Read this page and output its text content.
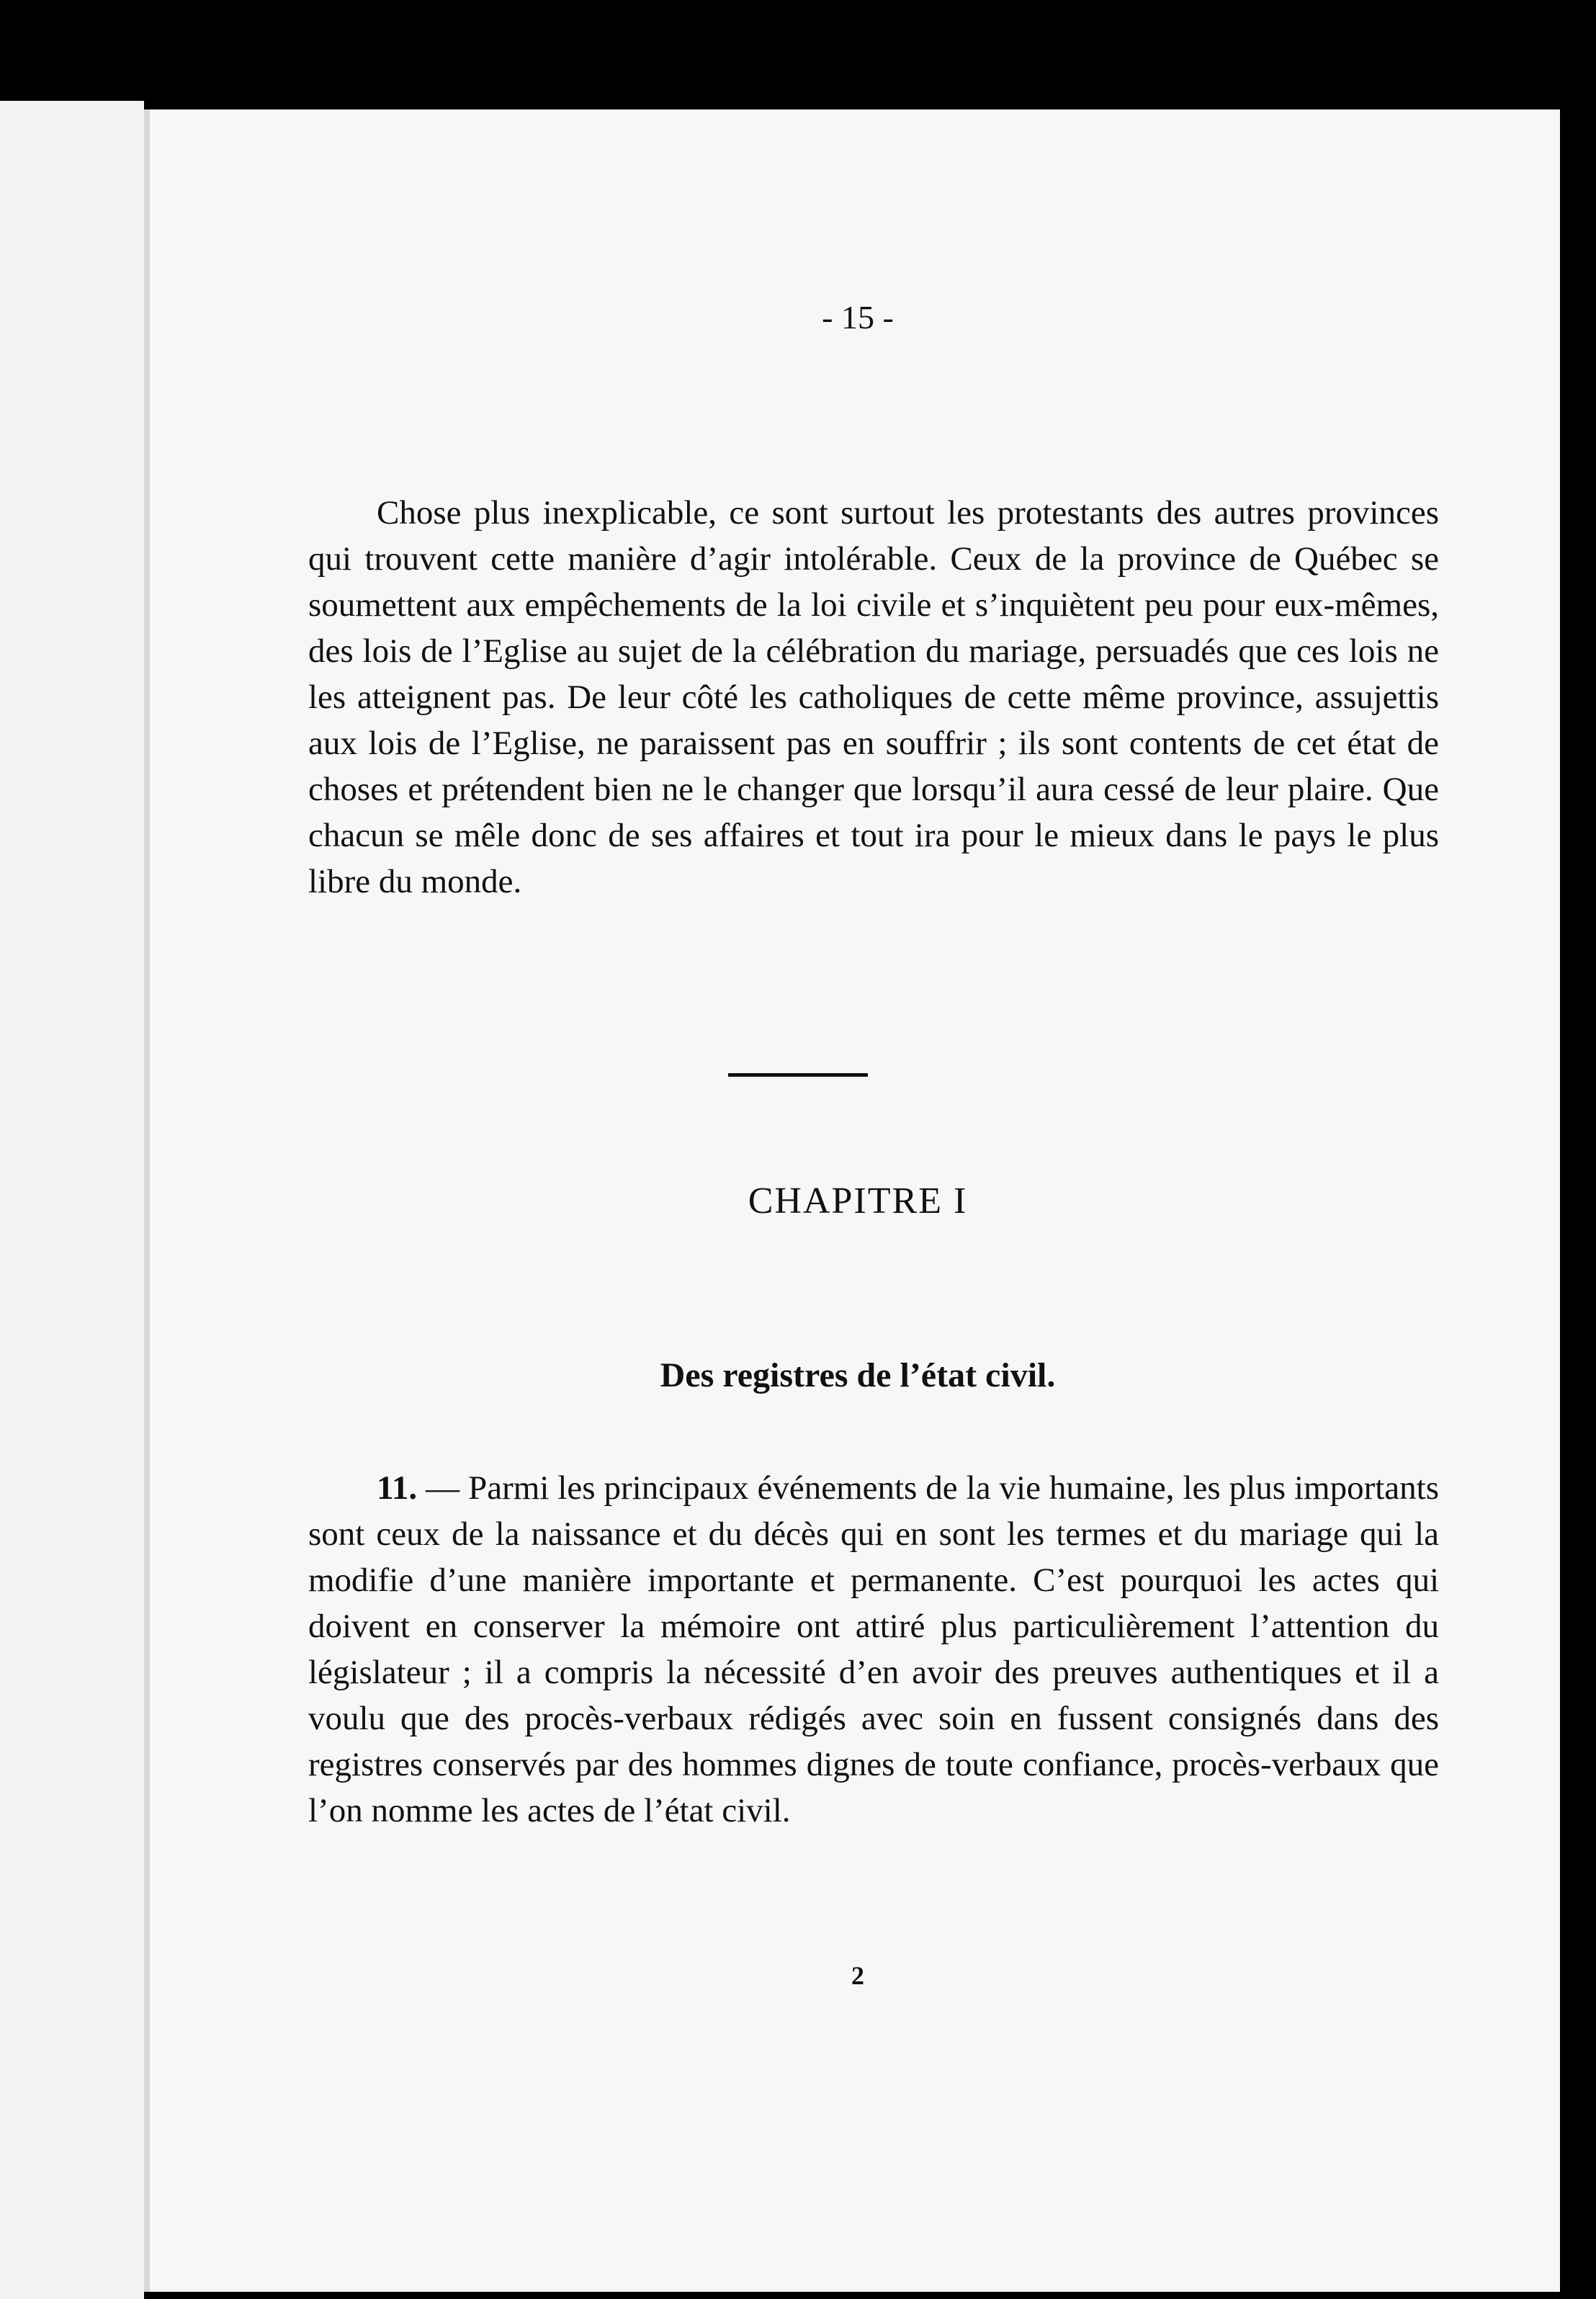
- 15 -

Chose plus inexplicable, ce sont surtout les protestants des autres provinces qui trouvent cette manière d’agir intolérable. Ceux de la province de Québec se soumettent aux empêchements de la loi civile et s’inquiètent peu pour eux-mêmes, des lois de l’Eglise au sujet de la célébration du mariage, persuadés que ces lois ne les atteignent pas. De leur côté les catholiques de cette même province, assujettis aux lois de l’Eglise, ne paraissent pas en souffrir ; ils sont contents de cet état de choses et prétendent bien ne le changer que lorsqu’il aura cessé de leur plaire. Que chacun se mêle donc de ses affaires et tout ira pour le mieux dans le pays le plus libre du monde.

CHAPITRE I
Des registres de l’état civil.

11. — Parmi les principaux événements de la vie humaine, les plus importants sont ceux de la naissance et du décès qui en sont les termes et du mariage qui la modifie d’une manière importante et permanente. C’est pourquoi les actes qui doivent en conserver la mémoire ont attiré plus particulièrement l’attention du législateur ; il a compris la nécessité d’en avoir des preuves authentiques et il a voulu que des procès-verbaux rédigés avec soin en fussent consignés dans des registres conservés par des hommes dignes de toute confiance, procès-verbaux que l’on nomme les actes de l’état civil.

2
